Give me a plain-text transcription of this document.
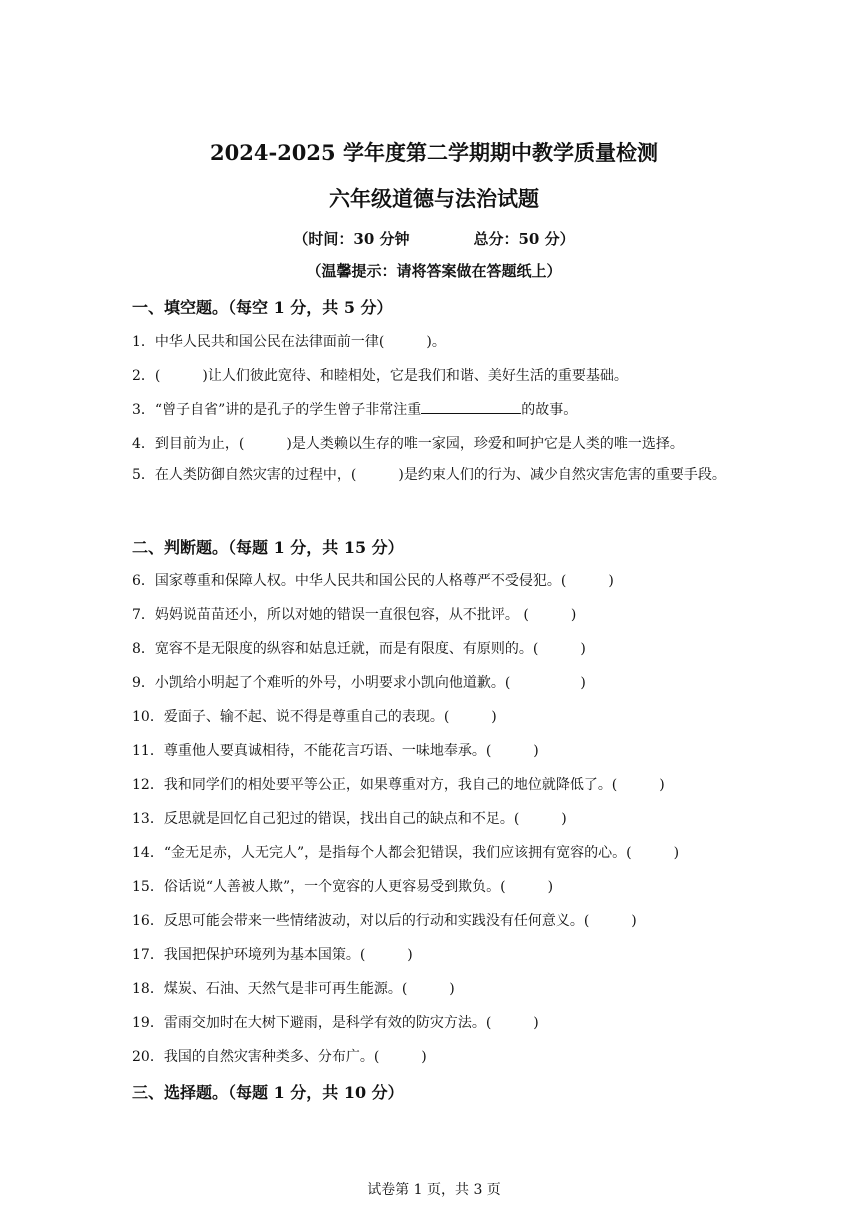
2024-2025 学年度第二学期期中教学质量检测
六年级道德与法治试题
（时间：30 分钟	总分：50 分）
（温馨提示：请将答案做在答题纸上）
一、填空题。（每空 1 分，共 5 分）
1．中华人民共和国公民在法律面前一律(　　　)。
2．(　　　)让人们彼此宽待、和睦相处，它是我们和谐、美好生活的重要基础。
3．“曾子自省”讲的是孔子的学生曾子非常注重	的故事。
4．到目前为止，(　　　)是人类赖以生存的唯一家园，珍爱和呵护它是人类的唯一选择。
5．在人类防御自然灾害的过程中，(　　　)是约束人们的行为、减少自然灾害危害的重要手段。
二、判断题。（每题 1 分，共 15 分）
6．国家尊重和保障人权。中华人民共和国公民的人格尊严不受侵犯。(　　　)
7．妈妈说苗苗还小，所以对她的错误一直很包容，从不批评。 (　　　)
8．宽容不是无限度的纵容和姑息迁就，而是有限度、有原则的。(　　　)
9．小凯给小明起了个难听的外号，小明要求小凯向他道歉。(　　　　　)
10．爱面子、输不起、说不得是尊重自己的表现。(　　　)
11．尊重他人要真诚相待，不能花言巧语、一味地奉承。(　　　)
12．我和同学们的相处要平等公正，如果尊重对方，我自己的地位就降低了。(　　　)
13．反思就是回忆自己犯过的错误，找出自己的缺点和不足。(　　　)
14．“金无足赤，人无完人”，是指每个人都会犯错误，我们应该拥有宽容的心。(　　　)
15．俗话说“人善被人欺”，一个宽容的人更容易受到欺负。(　　　)
16．反思可能会带来一些情绪波动，对以后的行动和实践没有任何意义。(　　　)
17．我国把保护环境列为基本国策。(　　　)
18．煤炭、石油、天然气是非可再生能源。(　　　)
19．雷雨交加时在大树下避雨，是科学有效的防灾方法。(　　　)
20．我国的自然灾害种类多、分布广。(　　　)
三、选择题。（每题 1 分，共 10 分）
试卷第 1 页，共 3 页
